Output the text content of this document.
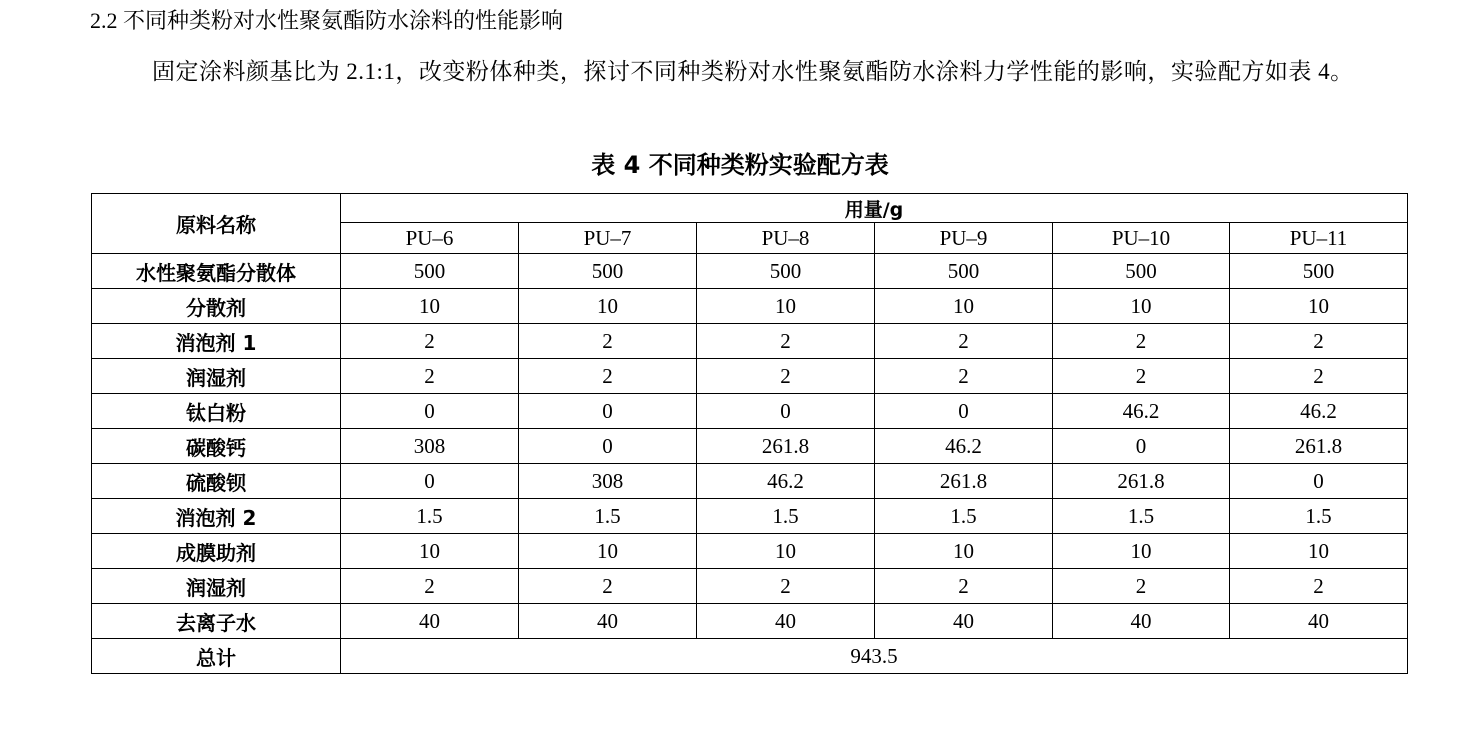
2.2 不同种类粉对水性聚氨酯防水涂料的性能影响
固定涂料颜基比为 2.1:1，改变粉体种类，探讨不同种类粉对水性聚氨酯防水涂料力学性能的影响，实验配方如表 4。
表 4 不同种类粉实验配方表
原料名称	用量/g					
	PU–6	PU–7	PU–8	PU–9	PU–10	PU–11
水性聚氨酯分散体	500	500	500	500	500	500
分散剂	10	10	10	10	10	10
消泡剂 1	2	2	2	2	2	2
润湿剂	2	2	2	2	2	2
钛白粉	0	0	0	0	46.2	46.2
碳酸钙	308	0	261.8	46.2	0	261.8
硫酸钡	0	308	46.2	261.8	261.8	0
消泡剂 2	1.5	1.5	1.5	1.5	1.5	1.5
成膜助剂	10	10	10	10	10	10
润湿剂	2	2	2	2	2	2
去离子水	40	40	40	40	40	40
总计	943.5					
